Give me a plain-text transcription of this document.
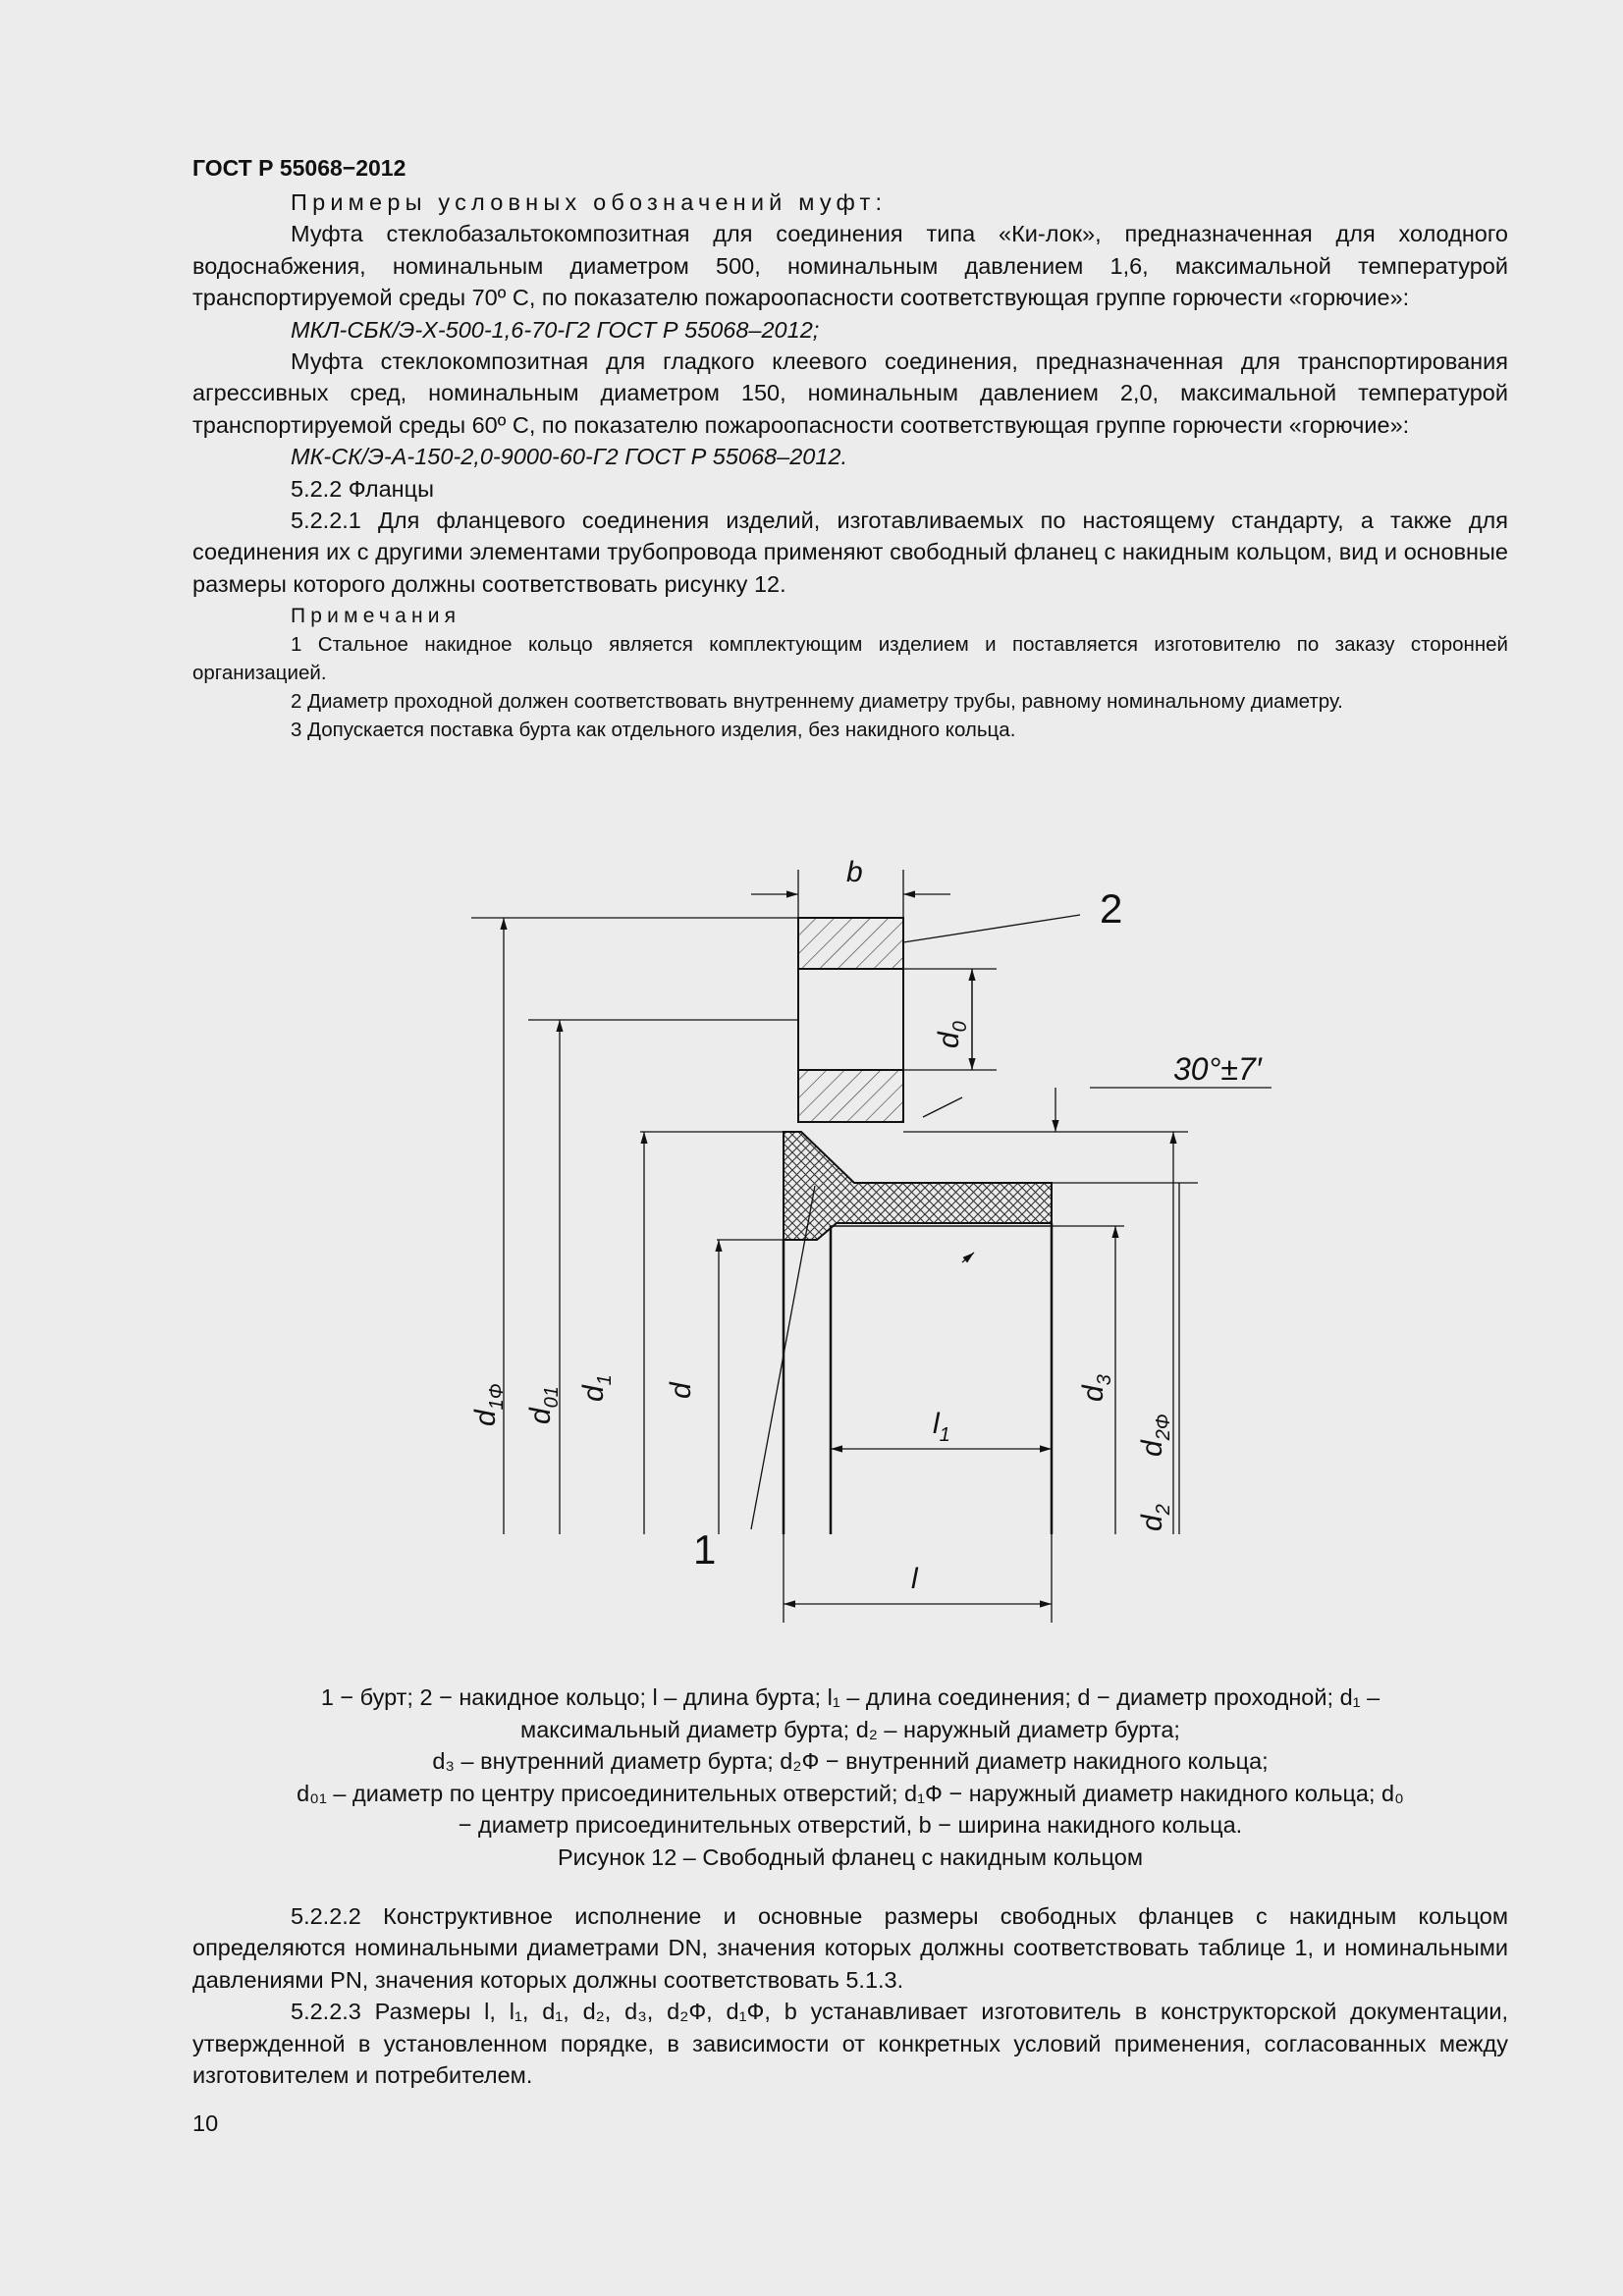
ГОСТ Р 55068−2012

Примеры условных обозначений муфт:

Муфта стеклобазальтокомпозитная для соединения типа «Ки-лок», предназначенная для холодного водоснабжения, номинальным диаметром 500, номинальным давлением 1,6, максимальной температурой транспортируемой среды 70º С, по показателю пожароопасности соответствующая группе горючести «горючие»:

МКЛ-СБК/Э-Х-500-1,6-70-Г2 ГОСТ Р 55068‒2012;

Муфта стеклокомпозитная для гладкого клеевого соединения, предназначенная для транспортирования агрессивных сред, номинальным диаметром 150, номинальным давлением 2,0, максимальной температурой транспортируемой среды 60º С, по показателю пожароопасности соответствующая группе горючести «горючие»:

МК-СК/Э-А-150-2,0-9000-60-Г2 ГОСТ Р 55068‒2012.

5.2.2 Фланцы

5.2.2.1 Для фланцевого соединения изделий, изготавливаемых по настоящему стандарту, а также для соединения их с другими элементами трубопровода применяют свободный фланец с накидным кольцом, вид и основные размеры которого должны соответствовать рисунку 12.

Примечания

1 Стальное накидное кольцо является комплектующим изделием и поставляется изготовителю по заказу сторонней организацией.

2 Диаметр проходной должен соответствовать внутреннему диаметру трубы, равному номинальному диаметру.

3 Допускается поставка бурта как отдельного изделия, без накидного кольца.

b
2
30°±7′
1
l
$l_1$
$d_0$
$d_{1Ф}$
$d_{01}$ $d_1$
d	$d_3$
$d_{2Ф}$
$d_2$
1 − бурт; 2 − накидное кольцо; l – длина бурта; l₁ – длина соединения; d − диаметр проходной; d₁ –
максимальный диаметр бурта; d₂ – наружный диаметр бурта;
d₃ – внутренний диаметр бурта; d₂Ф − внутренний диаметр накидного кольца;
d₀₁ – диаметр по центру присоединительных отверстий; d₁Ф − наружный диаметр накидного кольца; d₀
− диаметр присоединительных отверстий, b − ширина накидного кольца.
Рисунок 12 – Свободный фланец с накидным кольцом

5.2.2.2 Конструктивное исполнение и основные размеры свободных фланцев с накидным кольцом определяются номинальными диаметрами DN, значения которых должны соответствовать таблице 1, и номинальными давлениями PN, значения которых должны соответствовать 5.1.3.

5.2.2.3 Размеры l, l₁, d₁, d₂, d₃, d₂Ф, d₁Ф, b устанавливает изготовитель в конструкторской документации, утвержденной в установленном порядке, в зависимости от конкретных условий применения, согласованных между изготовителем и потребителем.

10
